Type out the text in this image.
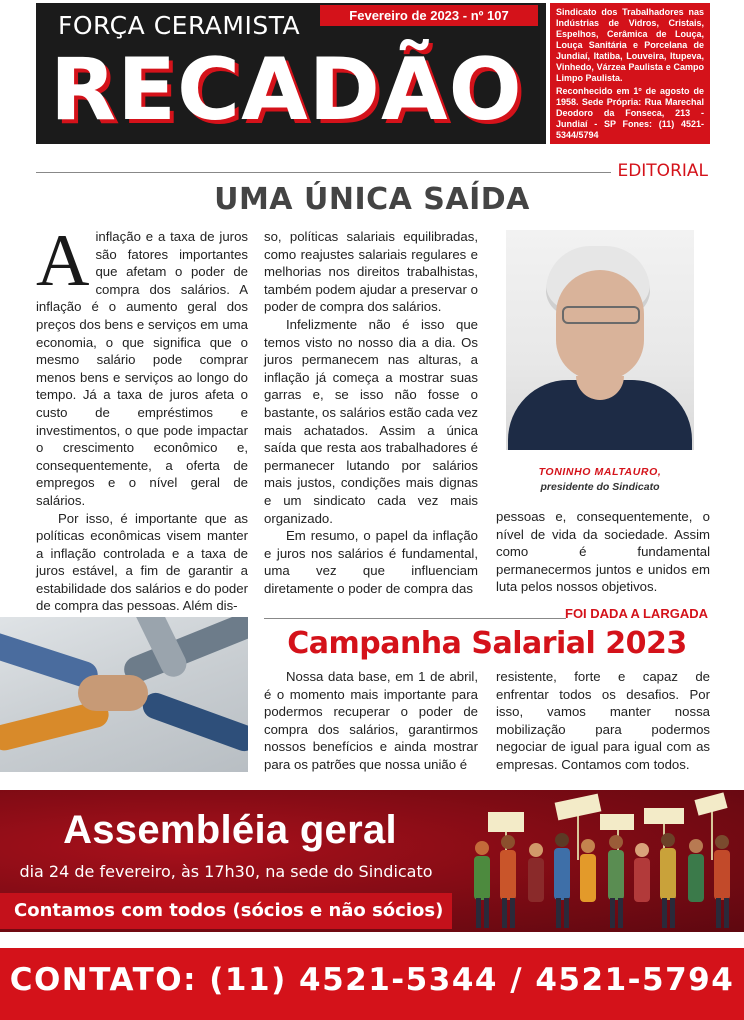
FORÇA CERAMISTA	Fevereiro de 2023 - nº 107
RECADÃO

Sindicato dos Trabalhadores nas Indústrias de Vidros, Cristais, Espelhos, Cerâmica de Louça, Louça Sanitária e Porcelana de Jundiaí, Itatiba, Louveira, Itupeva, Vinhedo, Várzea Paulista e Campo Limpo Paulista.

Reconhecido em 1º de agosto de 1958. Sede Própria: Rua Marechal Deodoro da Fonseca, 213 - Jundiaí - SP Fones: (11) 4521-5344/5794

EDITORIAL
UMA ÚNICA SAÍDA

Ainflação e a taxa de juros são fatores importantes que afetam o poder de compra dos salários. A inflação é o aumento geral dos preços dos bens e serviços em uma economia, o que significa que o mesmo salário pode comprar menos bens e serviços ao longo do tempo. Já a taxa de juros afeta o custo de empréstimos e investimentos, o que pode impactar o crescimento econômico e, consequentemente, a oferta de empregos e o nível geral de salários.

Por isso, é importante que as políticas econômicas visem manter a inflação controlada e a taxa de juros estável, a fim de garantir a estabilidade dos salários e do poder de compra das pessoas. Além dis-

so, políticas salariais equilibradas, como reajustes salariais regulares e melhorias nos direitos trabalhistas, também podem ajudar a preservar o poder de compra dos salários.

Infelizmente não é isso que temos visto no nosso dia a dia. Os juros permanecem nas alturas, a inflação já começa a mostrar suas garras e, se isso não fosse o bastante, os salários estão cada vez mais achatados. Assim a única saída que resta aos trabalhadores é permanecer lutando por salários mais justos, condições mais dignas e um sindicato cada vez mais organizado.

Em resumo, o papel da inflação e juros nos salários é fundamental, uma vez que influenciam diretamente o poder de compra das

TONINHO MALTAURO,
presidente do Sindicato

pessoas e, consequentemente, o nível de vida da sociedade. Assim como é fundamental permanecermos juntos e unidos em luta pelos nossos objetivos.

FOI DADA A LARGADA
Campanha Salarial 2023

Nossa data base, em 1 de abril, é o momento mais importante para podermos recuperar o poder de compra dos salários, garantirmos nossos benefícios e ainda mostrar para os patrões que nossa união é

resistente, forte e capaz de enfrentar todos os desafios. Por isso, vamos manter nossa mobilização para podermos negociar de igual para igual com as empresas. Contamos com todos.

Assembléia geral
dia 24 de fevereiro, às 17h30, na sede do Sindicato
Contamos com todos (sócios e não sócios)
CONTATO: (11) 4521-5344 / 4521-5794
